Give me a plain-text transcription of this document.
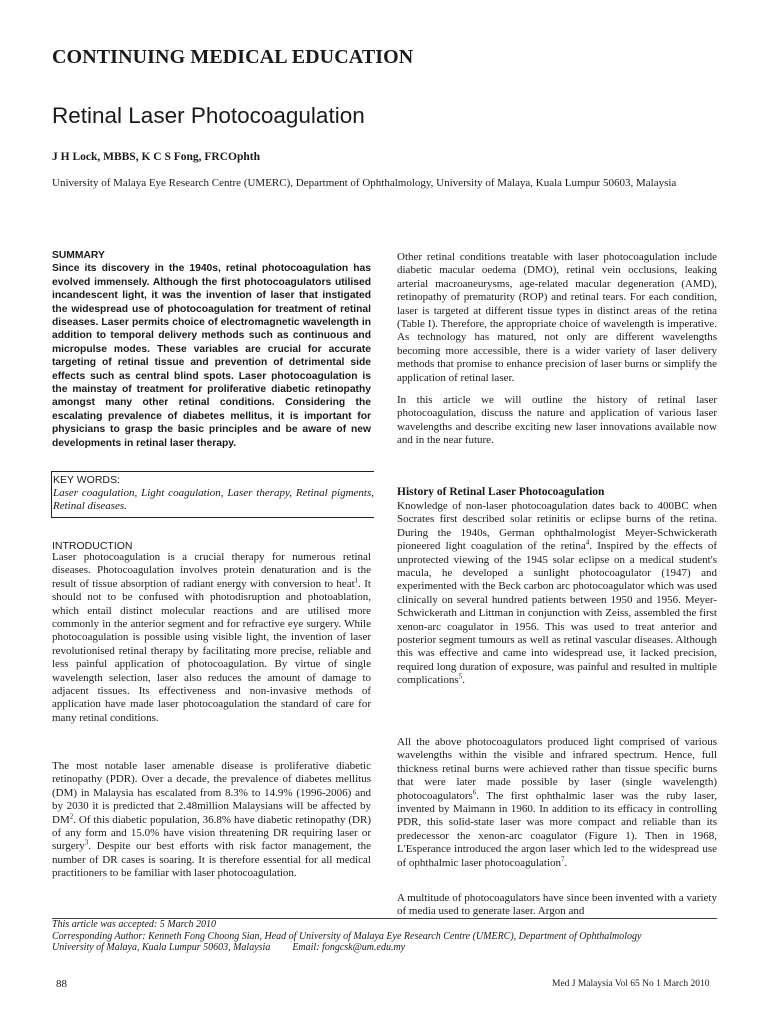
CONTINUING MEDICAL EDUCATION
Retinal Laser Photocoagulation
J H Lock, MBBS, K C S Fong, FRCOphth
University of Malaya Eye Research Centre (UMERC), Department of Ophthalmology, University of Malaya, Kuala Lumpur 50603, Malaysia
SUMMARY
Since its discovery in the 1940s, retinal photocoagulation has evolved immensely. Although the first photocoagulators utilised incandescent light, it was the invention of laser that instigated the widespread use of photocoagulation for treatment of retinal diseases. Laser permits choice of electromagnetic wavelength in addition to temporal delivery methods such as continuous and micropulse modes. These variables are crucial for accurate targeting of retinal tissue and prevention of detrimental side effects such as central blind spots. Laser photocoagulation is the mainstay of treatment for proliferative diabetic retinopathy amongst many other retinal conditions. Considering the escalating prevalence of diabetes mellitus, it is important for physicians to grasp the basic principles and be aware of new developments in retinal laser therapy.
KEY WORDS:
Laser coagulation, Light coagulation, Laser therapy, Retinal pigments, Retinal diseases.
INTRODUCTION
Laser photocoagulation is a crucial therapy for numerous retinal diseases. Photocoagulation involves protein denaturation and is the result of tissue absorption of radiant energy with conversion to heat$^1$. It should not to be confused with photodisruption and photoablation, which entail distinct molecular reactions and are utilised more commonly in the anterior segment and for refractive eye surgery. While photocoagulation is possible using visible light, the invention of laser revolutionised retinal therapy by facilitating more precise, reliable and less painful application of photocoagulation. By virtue of single wavelength selection, laser also reduces the amount of damage to adjacent tissues. Its effectiveness and non-invasive methods of application have made laser photocoagulation the standard of care for many retinal conditions.
The most notable laser amenable disease is proliferative diabetic retinopathy (PDR). Over a decade, the prevalence of diabetes mellitus (DM) in Malaysia has escalated from 8.3% to 14.9% (1996-2006) and by 2030 it is predicted that 2.48million Malaysians will be affected by $DM^2$. Of this diabetic population, 36.8% have diabetic retinopathy (DR) of any form and 15.0% have vision threatening DR requiring laser or surgery$^3$. Despite our best efforts with risk factor management, the number of DR cases is soaring. It is therefore essential for all medical practitioners to be familiar with laser photocoagulation.
Other retinal conditions treatable with laser photocoagulation include diabetic macular oedema (DMO), retinal vein occlusions, leaking arterial macroaneurysms, age-related macular degeneration (AMD), retinopathy of prematurity (ROP) and retinal tears. For each condition, laser is targeted at different tissue types in distinct areas of the retina (Table I). Therefore, the appropriate choice of wavelength is imperative. As technology has matured, not only are different wavelengths becoming more accessible, there is a wider variety of laser delivery methods that promise to enhance precision of laser burns or simplify the application of retinal laser.
In this article we will outline the history of retinal laser photocoagulation, discuss the nature and application of various laser wavelengths and describe exciting new laser innovations available now and in the near future.
History of Retinal Laser Photocoagulation
Knowledge of non-laser photocoagulation dates back to 400BC when Socrates first described solar retinitis or eclipse burns of the retina. During the 1940s, German ophthalmologist Meyer-Schwickerath pioneered light coagulation of the retina$^4$. Inspired by the effects of unprotected viewing of the 1945 solar eclipse on a medical student's macula, he developed a sunlight photocoagulator (1947) and experimented with the Beck carbon arc photocoagulator which was used clinically on several hundred patients between 1950 and 1956. Meyer-Schwickerath and Littman in conjunction with Zeiss, assembled the first xenon-arc coagulator in 1956. This was used to treat anterior and posterior segment tumours as well as retinal vascular diseases. Although this was effective and came into widespread use, it lacked precision, required long duration of exposure, was painful and resulted in multiple complications$^5$.
All the above photocoagulators produced light comprised of various wavelengths within the visible and infrared spectrum. Hence, full thickness retinal burns were achieved rather than tissue specific burns that were later made possible by laser (single wavelength) photocoagulators$^6$. The first ophthalmic laser was the ruby laser, invented by Maimann in 1960. In addition to its efficacy in controlling PDR, this solid-state laser was more compact and reliable than its predecessor the xenon-arc coagulator (Figure 1). Then in 1968, L'Esperance introduced the argon laser which led to the widespread use of ophthalmic laser photocoagulation$^7$.
A multitude of photocoagulators have since been invented with a variety of media used to generate laser. Argon and
This article was accepted: 5 March 2010
Corresponding Author: Kenneth Fong Choong Sian, Head of University of Malaya Eye Research Centre (UMERC), Department of Ophthalmology
University of Malaya, Kuala Lumpur 50603, Malaysia Email: fongcsk@um.edu.my
88	Med J Malaysia Vol 65 No 1 March 2010
